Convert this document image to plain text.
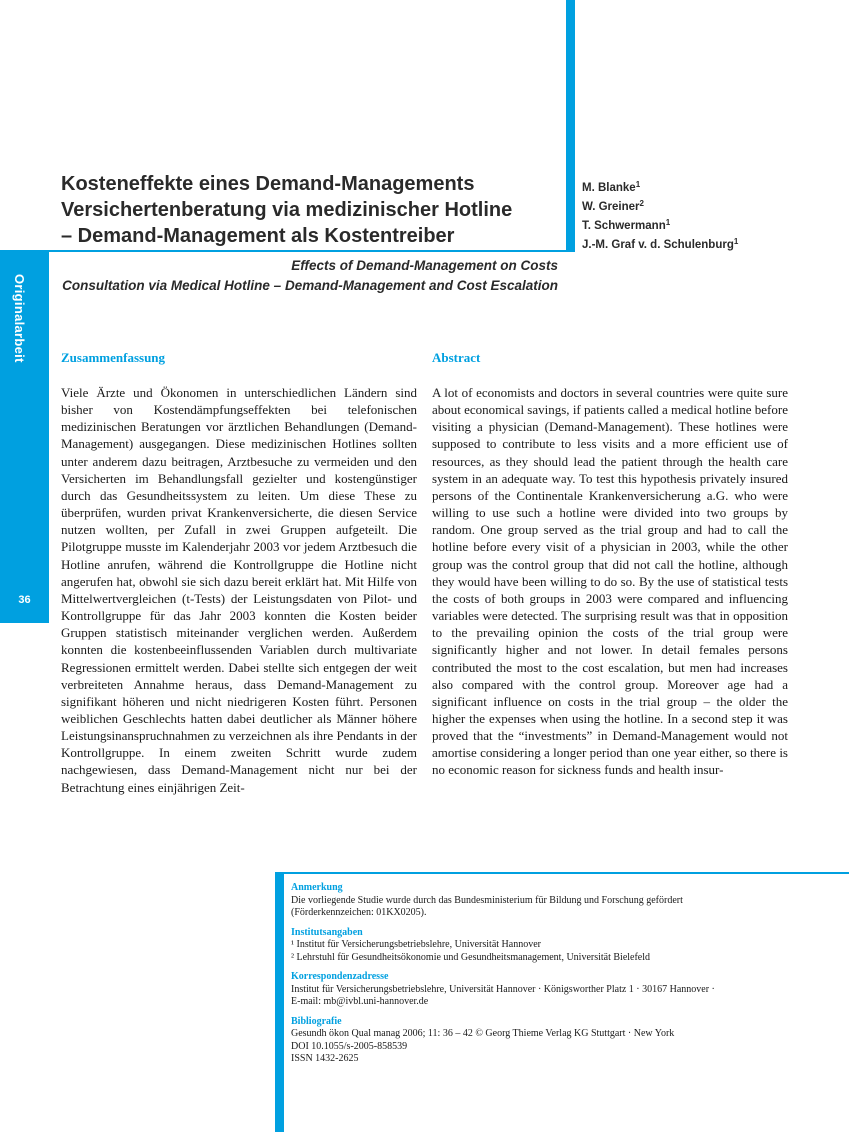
Originalarbeit
36
Kosteneffekte eines Demand-Managements
Versichertenberatung via medizinischer Hotline
– Demand-Management als Kostentreiber
M. Blanke$^1$
W. Greiner$^2$
T. Schwermann$^1$
J.-M. Graf v. d. Schulenburg$^1$
Effects of Demand-Management on Costs
Consultation via Medical Hotline – Demand-Management and Cost Escalation
Zusammenfassung	Abstract
Viele Ärzte und Ökonomen in unterschiedlichen Ländern sind bisher von Kostendämpfungseffekten bei telefonischen medizinischen Beratungen vor ärztlichen Behandlungen (Demand-Management) ausgegangen. Diese medizinischen Hotlines sollten unter anderem dazu beitragen, Arztbesuche zu vermeiden und den Versicherten im Behandlungsfall gezielter und kostengünstiger durch das Gesundheitssystem zu leiten. Um diese These zu überprüfen, wurden privat Krankenversicherte, die diesen Service nutzen wollten, per Zufall in zwei Gruppen aufgeteilt. Die Pilotgruppe musste im Kalenderjahr 2003 vor jedem Arztbesuch die Hotline anrufen, während die Kontrollgruppe die Hotline nicht angerufen hat, obwohl sie sich dazu bereit erklärt hat. Mit Hilfe von Mittelwertvergleichen (t-Tests) der Leistungsdaten von Pilot- und Kontrollgruppe für das Jahr 2003 konnten die Kosten beider Gruppen statistisch miteinander verglichen werden. Außerdem konnten die kostenbeeinflussenden Variablen durch multivariate Regressionen ermittelt werden. Dabei stellte sich entgegen der weit verbreiteten Annahme heraus, dass Demand-Management zu signifikant höheren und nicht niedrigeren Kosten führt. Personen weiblichen Geschlechts hatten dabei deutlicher als Männer höhere Leistungsinanspruchnahmen zu verzeichnen als ihre Pendants in der Kontrollgruppe. In einem zweiten Schritt wurde zudem nachgewiesen, dass Demand-Management nicht nur bei der Betrachtung eines einjährigen Zeit-
A lot of economists and doctors in several countries were quite sure about economical savings, if patients called a medical hotline before visiting a physician (Demand-Management). These hotlines were supposed to contribute to less visits and a more efficient use of resources, as they should lead the patient through the health care system in an adequate way. To test this hypothesis privately insured persons of the Continentale Krankenversicherung a.G. who were willing to use such a hotline were divided into two groups by random. One group served as the trial group and had to call the hotline before every visit of a physician in 2003, while the other group was the control group that did not call the hotline, although they would have been willing to do so. By the use of statistical tests the costs of both groups in 2003 were compared and influencing variables were detected. The surprising result was that in opposition to the prevailing opinion the costs of the trial group were significantly higher and not lower. In detail females persons contributed the most to the cost escalation, but men had increases also compared with the control group. Moreover age had a significant influence on costs in the trial group – the older the higher the expenses when using the hotline. In a second step it was proved that the “investments” in Demand-Management would not amortise considering a longer period than one year either, so there is no economic reason for sickness funds and health insur-
Anmerkung
Die vorliegende Studie wurde durch das Bundesministerium für Bildung und Forschung gefördert
(Förderkennzeichen: 01KX0205).
Institutsangaben
¹ Institut für Versicherungsbetriebslehre, Universität Hannover
² Lehrstuhl für Gesundheitsökonomie und Gesundheitsmanagement, Universität Bielefeld
Korrespondenzadresse
Institut für Versicherungsbetriebslehre, Universität Hannover · Königsworther Platz 1 · 30167 Hannover ·
E-mail: mb@ivbl.uni-hannover.de
Bibliografie
Gesundh ökon Qual manag 2006; 11: 36 – 42 © Georg Thieme Verlag KG Stuttgart · New York
DOI 10.1055/s-2005-858539
ISSN 1432-2625
